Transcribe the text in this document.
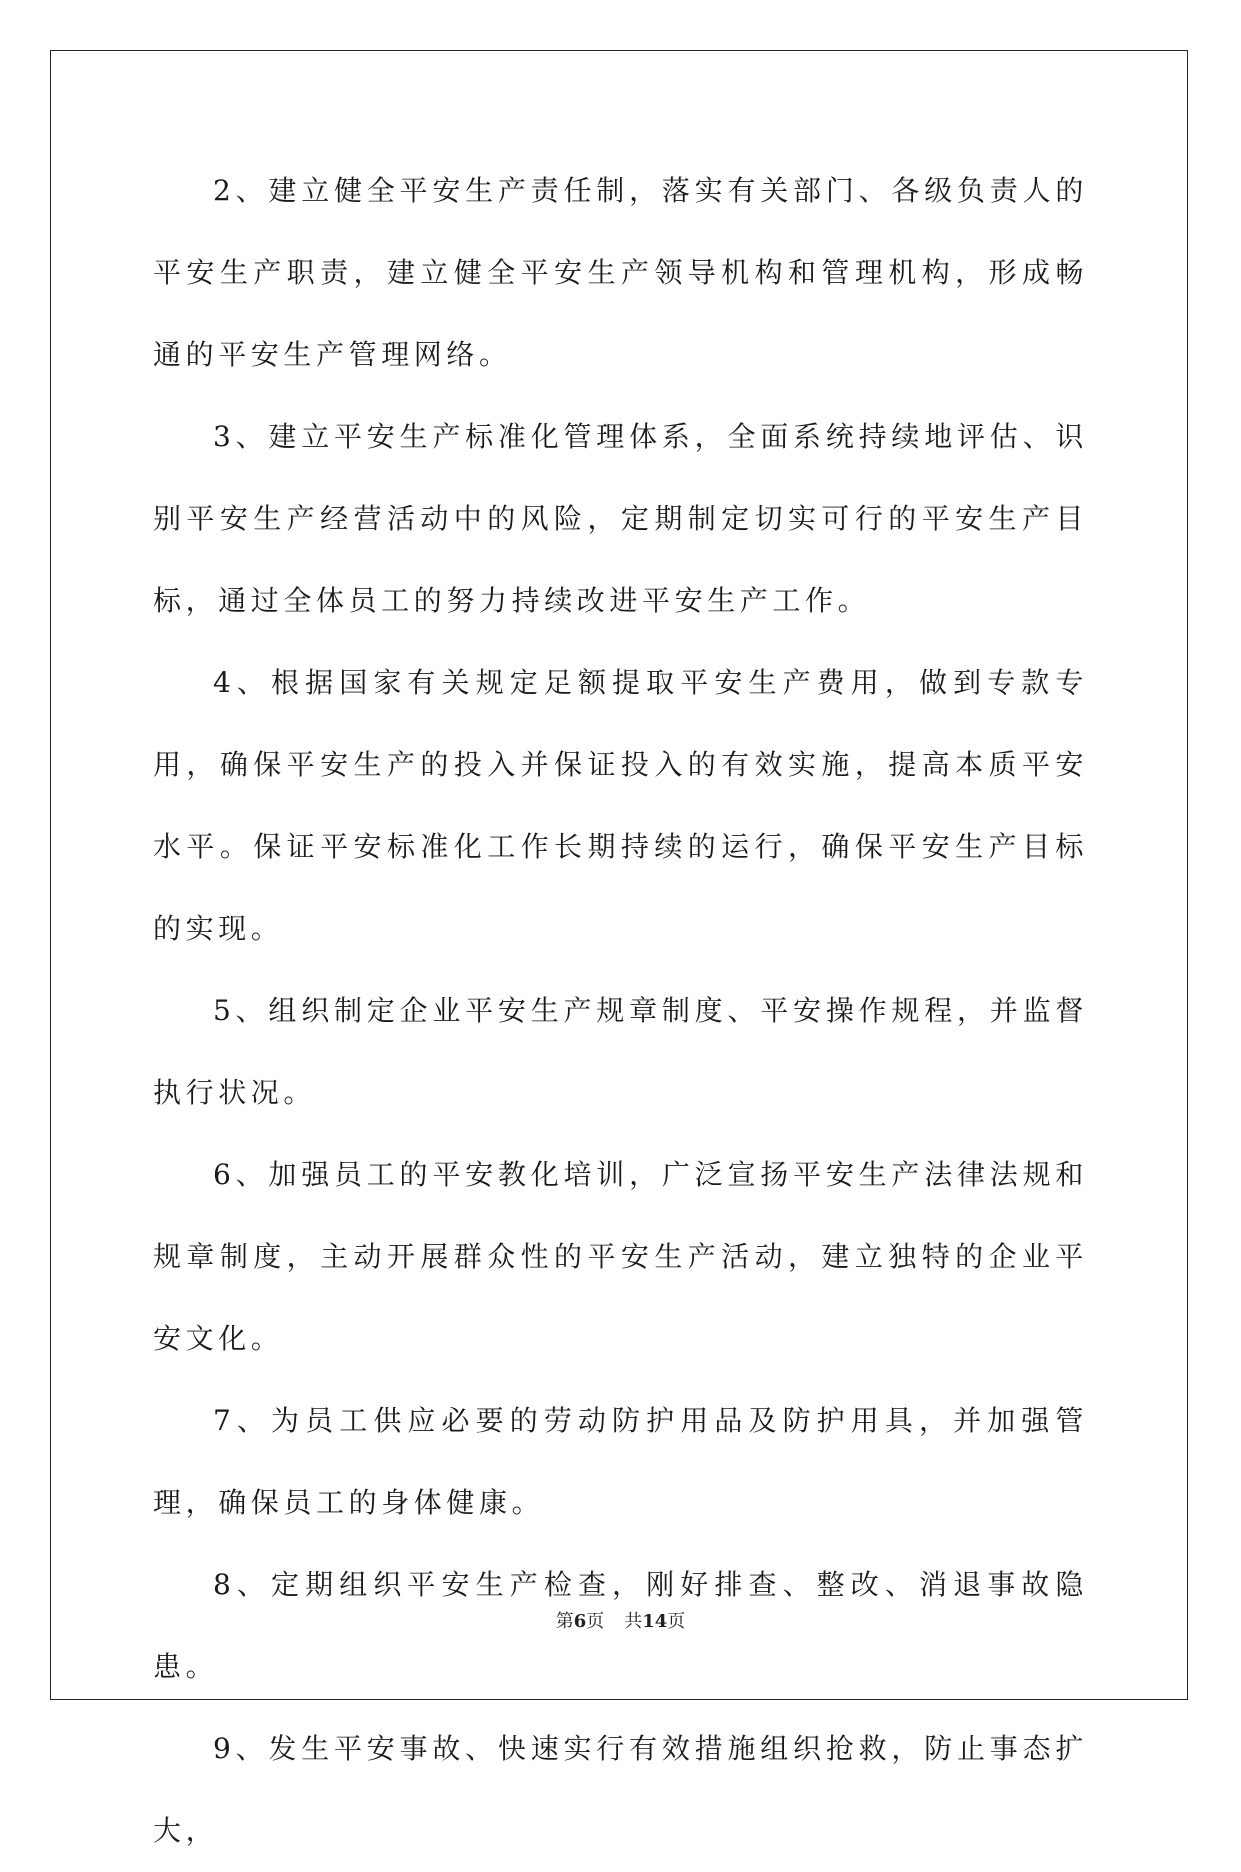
2、建立健全平安生产责任制，落实有关部门、各级负责人的平安生产职责，建立健全平安生产领导机构和管理机构，形成畅通的平安生产管理网络。

3、建立平安生产标准化管理体系，全面系统持续地评估、识别平安生产经营活动中的风险，定期制定切实可行的平安生产目标，通过全体员工的努力持续改进平安生产工作。

4、根据国家有关规定足额提取平安生产费用，做到专款专用，确保平安生产的投入并保证投入的有效实施，提高本质平安水平。保证平安标准化工作长期持续的运行，确保平安生产目标的实现。

5、组织制定企业平安生产规章制度、平安操作规程，并监督执行状况。

6、加强员工的平安教化培训，广泛宣扬平安生产法律法规和规章制度，主动开展群众性的平安生产活动，建立独特的企业平安文化。

7、为员工供应必要的劳动防护用品及防护用具，并加强管理，确保员工的身体健康。

8、定期组织平安生产检查，刚好排查、整改、消退事故隐患。

9、发生平安事故、快速实行有效措施组织抢救，防止事态扩大，

第6页 共14页
